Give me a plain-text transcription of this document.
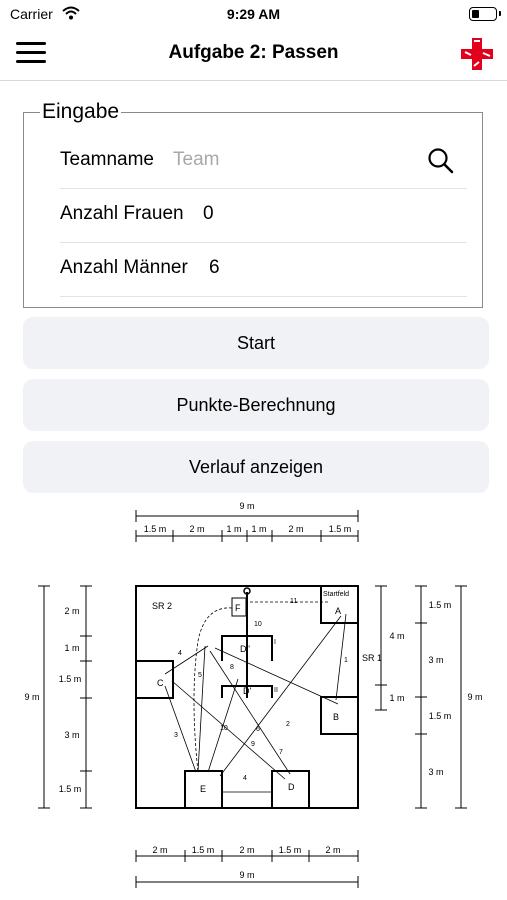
Carrier	9:29 AM
Aufgabe 2: Passen
Eingabe
Teamname Team
Anzahl Frauen 0
Anzahl Männer 6
Start
Punkte-Berechnung
Verlauf anzeigen
9 m
1.5 m	2 m 1 m 1 m 2 m	1.5 m
9 m
2 m
1 m
1.5 m
3 m
1.5 m
4 m
1 m
1.5 m
3 m
1.5 m
3 m
9 m
SR 2
SR 1
Startfeld
A
B
C
D
E
F
D'
D''
I
II
1
2
3
4
5
6
7
8
9
10
11
4
10
2 m	1.5 m	2 m	1.5 m	2 m
9 m
